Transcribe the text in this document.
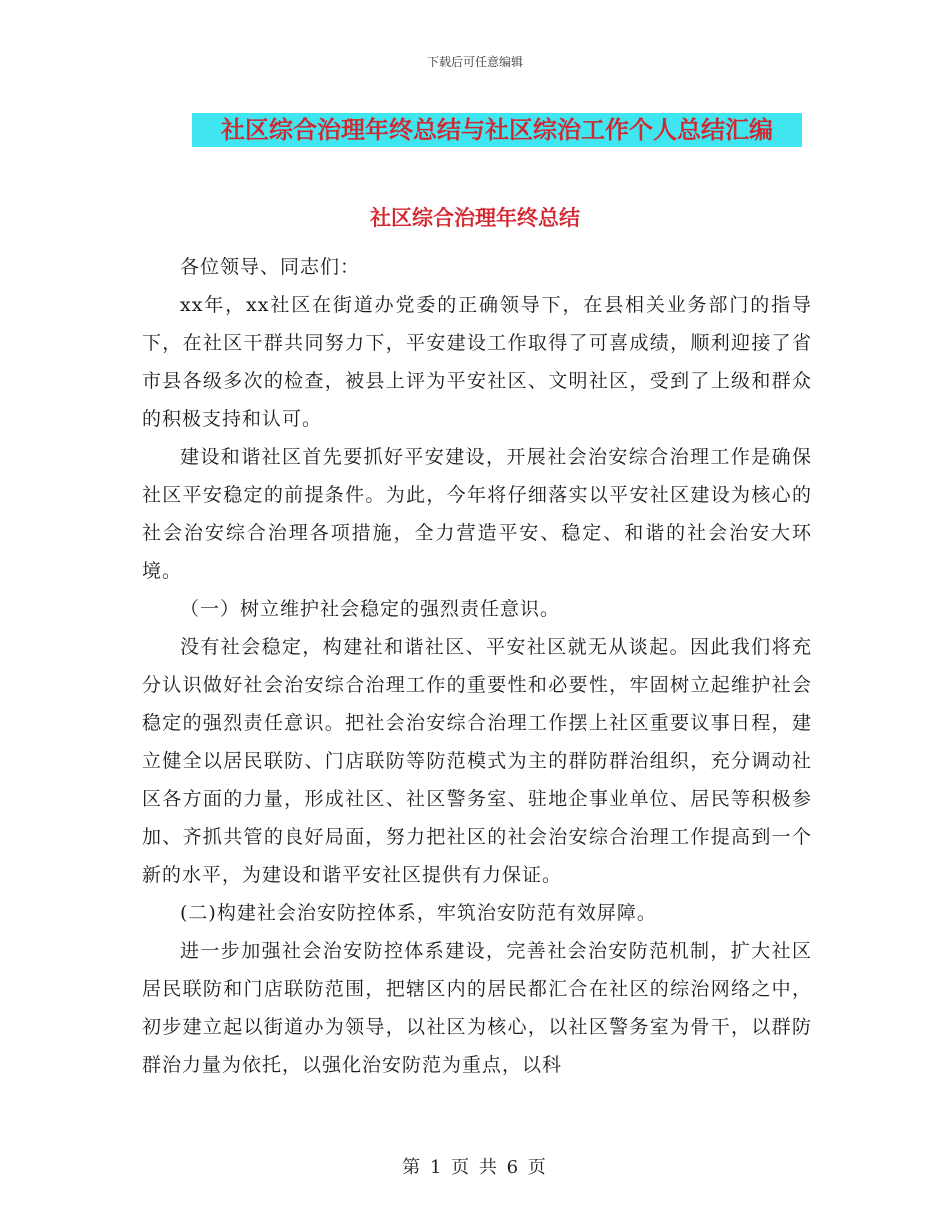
下载后可任意编辑
社区综合治理年终总结与社区综治工作个人总结汇编
社区综合治理年终总结

各位领导、同志们：

xx年，xx社区在街道办党委的正确领导下，在县相关业务部门的指导下，在社区干群共同努力下，平安建设工作取得了可喜成绩，顺利迎接了省市县各级多次的检查，被县上评为平安社区、文明社区，受到了上级和群众的积极支持和认可。

建设和谐社区首先要抓好平安建设，开展社会治安综合治理工作是确保社区平安稳定的前提条件。为此，今年将仔细落实以平安社区建设为核心的社会治安综合治理各项措施，全力营造平安、稳定、和谐的社会治安大环境。

（一）树立维护社会稳定的强烈责任意识。

没有社会稳定，构建社和谐社区、平安社区就无从谈起。因此我们将充分认识做好社会治安综合治理工作的重要性和必要性，牢固树立起维护社会稳定的强烈责任意识。把社会治安综合治理工作摆上社区重要议事日程，建立健全以居民联防、门店联防等防范模式为主的群防群治组织，充分调动社区各方面的力量，形成社区、社区警务室、驻地企事业单位、居民等积极参加、齐抓共管的良好局面，努力把社区的社会治安综合治理工作提高到一个新的水平，为建设和谐平安社区提供有力保证。

(二)构建社会治安防控体系，牢筑治安防范有效屏障。

进一步加强社会治安防控体系建设，完善社会治安防范机制，扩大社区居民联防和门店联防范围，把辖区内的居民都汇合在社区的综治网络之中，初步建立起以街道办为领导，以社区为核心，以社区警务室为骨干，以群防群治力量为依托，以强化治安防范为重点，以科

第 1 页 共 6 页
